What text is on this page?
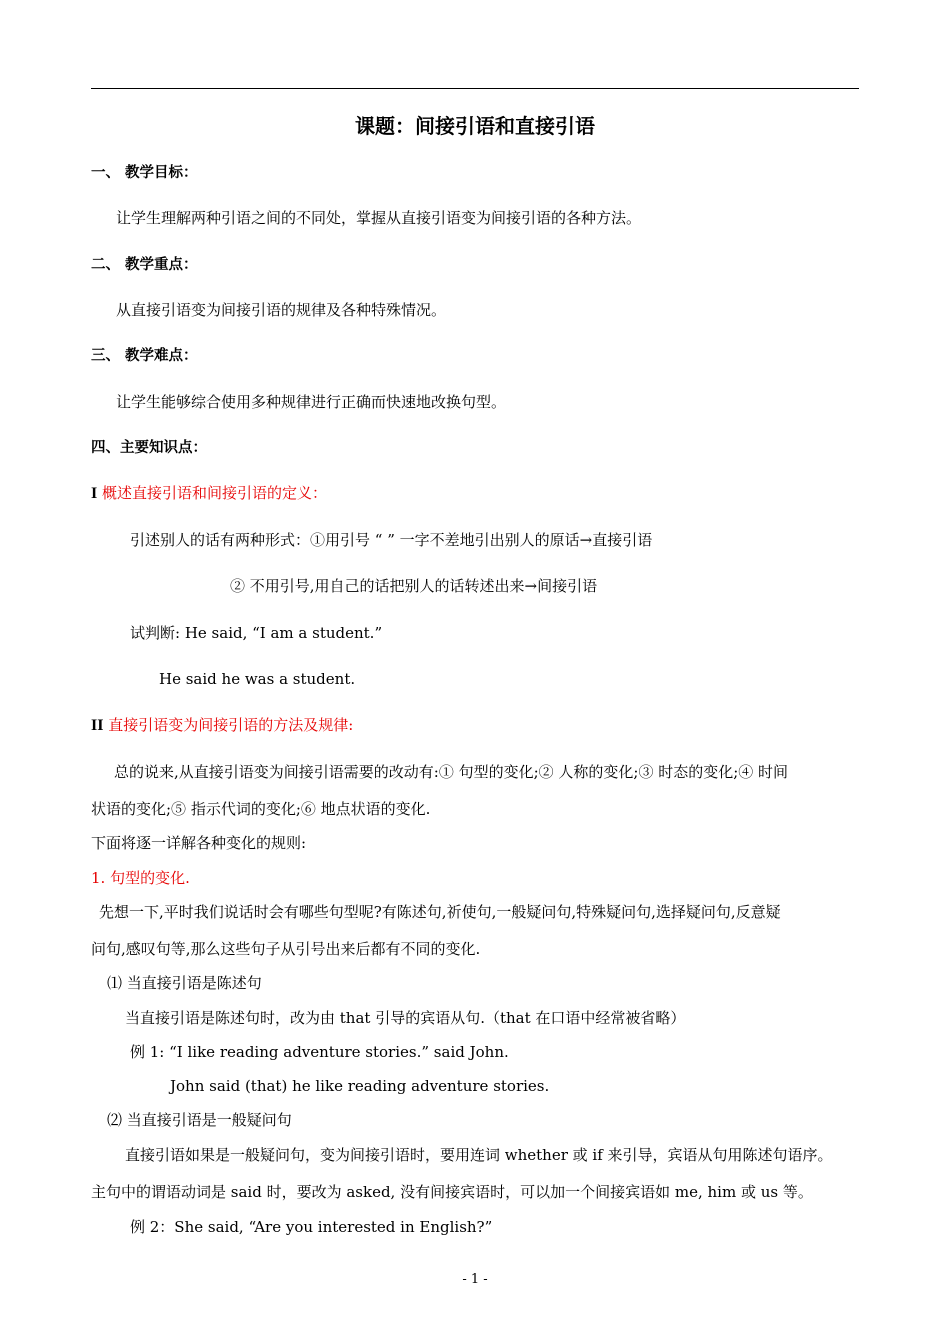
课题：间接引语和直接引语
一、 教学目标：
让学生理解两种引语之间的不同处，掌握从直接引语变为间接引语的各种方法。
二、 教学重点：
从直接引语变为间接引语的规律及各种特殊情况。
三、 教学难点：
让学生能够综合使用多种规律进行正确而快速地改换句型。
四、主要知识点：
I 概述直接引语和间接引语的定义：
引述别人的话有两种形式：①用引号 “ ” 一字不差地引出别人的原话→直接引语
② 不用引号,用自己的话把别人的话转述出来→间接引语
试判断: He said, “I am a student.”
He said he was a student.
II 直接引语变为间接引语的方法及规律:
总的说来,从直接引语变为间接引语需要的改动有:① 句型的变化;② 人称的变化;③ 时态的变化;④ 时间
状语的变化;⑤ 指示代词的变化;⑥ 地点状语的变化.
下面将逐一详解各种变化的规则:
1. 句型的变化.
先想一下,平时我们说话时会有哪些句型呢?有陈述句,祈使句,一般疑问句,特殊疑问句,选择疑问句,反意疑
问句,感叹句等,那么这些句子从引号出来后都有不同的变化.
⑴ 当直接引语是陈述句
当直接引语是陈述句时，改为由 that 引导的宾语从句.（that 在口语中经常被省略）
例 1: “I like reading adventure stories.” said John.
John said (that) he like reading adventure stories.
⑵ 当直接引语是一般疑问句
直接引语如果是一般疑问句，变为间接引语时，要用连词 whether 或 if 来引导，宾语从句用陈述句语序。
主句中的谓语动词是 said 时，要改为 asked, 没有间接宾语时，可以加一个间接宾语如 me, him 或 us 等。
例 2：She said, “Are you interested in English?”
- 1 -
